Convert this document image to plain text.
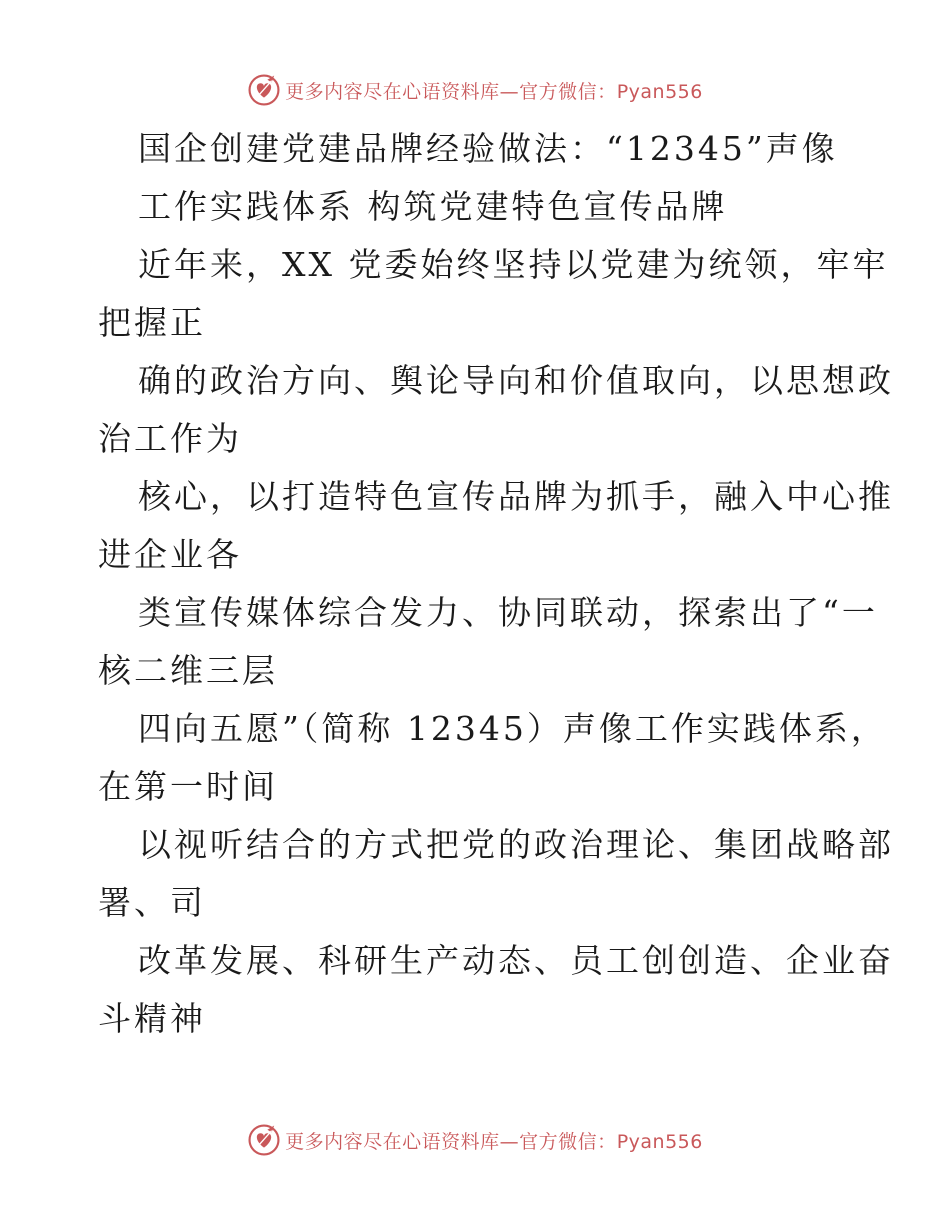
更多内容尽在心语资料库—官方微信：Pyan556
国企创建党建品牌经验做法：“12345”声像
工作实践体系 构筑党建特色宣传品牌
近年来，XX 党委始终坚持以党建为统领，牢牢
把握正
确的政治方向、舆论导向和价值取向，以思想政
治工作为
核心，以打造特色宣传品牌为抓手，融入中心推
进企业各
类宣传媒体综合发力、协同联动，探索出了“一
核二维三层
四向五愿”（简称 12345）声像工作实践体系，
在第一时间
以视听结合的方式把党的政治理论、集团战略部
署、司
改革发展、科研生产动态、员工创创造、企业奋
斗精神
更多内容尽在心语资料库—官方微信：Pyan556
